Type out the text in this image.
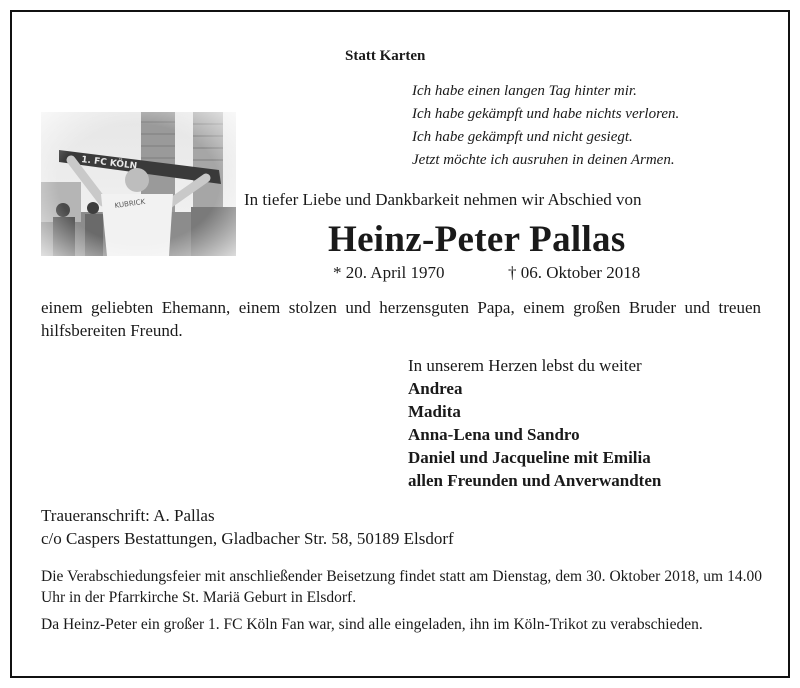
Statt Karten
Ich habe einen langen Tag hinter mir.
Ich habe gekämpft und habe nichts verloren.
Ich habe gekämpft und nicht gesiegt.
Jetzt möchte ich ausruhen in deinen Armen.
In tiefer Liebe und Dankbarkeit nehmen wir Abschied von
Heinz-Peter Pallas
* 20. April 1970	† 06. Oktober 2018
einem geliebten Ehemann, einem stolzen und herzensguten Papa, einem großen Bruder und treuen hilfsbereiten Freund.
In unserem Herzen lebst du weiter
Andrea
Madita
Anna-Lena und Sandro
Daniel und Jacqueline mit Emilia
allen Freunden und Anverwandten
Traueranschrift: A. Pallas
c/o Caspers Bestattungen, Gladbacher Str. 58, 50189 Elsdorf
Die Verabschiedungsfeier mit anschließender Beisetzung findet statt am Dienstag, dem 30. Oktober 2018, um 14.00 Uhr in der Pfarrkirche St. Mariä Geburt in Elsdorf.
Da Heinz-Peter ein großer 1. FC Köln Fan war, sind alle eingeladen, ihn im Köln-Trikot zu verabschieden.
